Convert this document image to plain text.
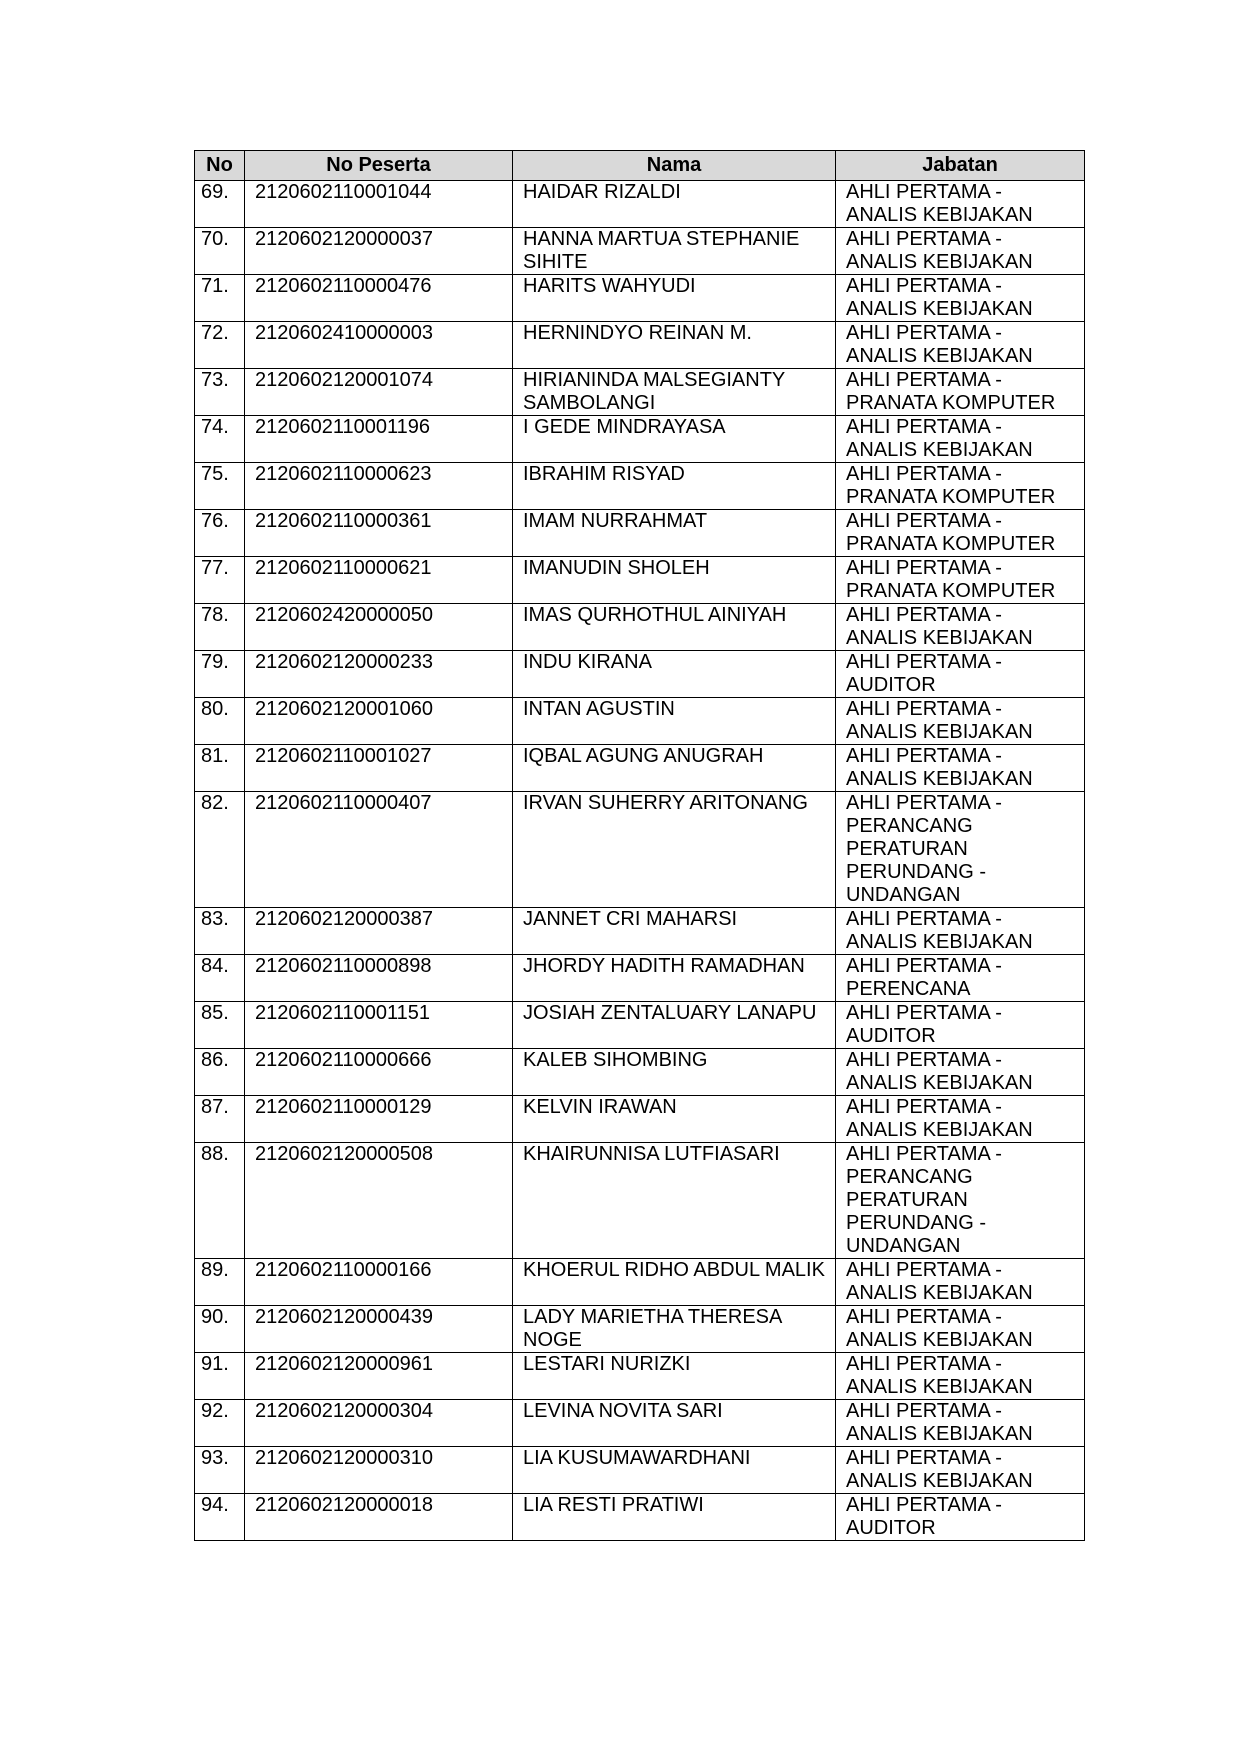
No	No Peserta	Nama	Jabatan
69.	2120602110001044	HAIDAR RIZALDI	AHLI PERTAMA - ANALIS KEBIJAKAN
70.	2120602120000037	HANNA MARTUA STEPHANIE SIHITE	AHLI PERTAMA - ANALIS KEBIJAKAN
71.	2120602110000476	HARITS WAHYUDI	AHLI PERTAMA - ANALIS KEBIJAKAN
72.	2120602410000003	HERNINDYO REINAN M.	AHLI PERTAMA - ANALIS KEBIJAKAN
73.	2120602120001074	HIRIANINDA MALSEGIANTY SAMBOLANGI	AHLI PERTAMA - PRANATA KOMPUTER
74.	2120602110001196	I GEDE MINDRAYASA	AHLI PERTAMA - ANALIS KEBIJAKAN
75.	2120602110000623	IBRAHIM RISYAD	AHLI PERTAMA - PRANATA KOMPUTER
76.	2120602110000361	IMAM NURRAHMAT	AHLI PERTAMA - PRANATA KOMPUTER
77.	2120602110000621	IMANUDIN SHOLEH	AHLI PERTAMA - PRANATA KOMPUTER
78.	2120602420000050	IMAS QURHOTHUL AINIYAH	AHLI PERTAMA - ANALIS KEBIJAKAN
79.	2120602120000233	INDU KIRANA	AHLI PERTAMA - AUDITOR
80.	2120602120001060	INTAN AGUSTIN	AHLI PERTAMA - ANALIS KEBIJAKAN
81.	2120602110001027	IQBAL AGUNG ANUGRAH	AHLI PERTAMA - ANALIS KEBIJAKAN
82.	2120602110000407	IRVAN SUHERRY ARITONANG	AHLI PERTAMA - PERANCANG PERATURAN PERUNDANG - UNDANGAN
83.	2120602120000387	JANNET CRI MAHARSI	AHLI PERTAMA - ANALIS KEBIJAKAN
84.	2120602110000898	JHORDY HADITH RAMADHAN	AHLI PERTAMA - PERENCANA
85.	2120602110001151	JOSIAH ZENTALUARY LANAPU	AHLI PERTAMA - AUDITOR
86.	2120602110000666	KALEB SIHOMBING	AHLI PERTAMA - ANALIS KEBIJAKAN
87.	2120602110000129	KELVIN IRAWAN	AHLI PERTAMA - ANALIS KEBIJAKAN
88.	2120602120000508	KHAIRUNNISA LUTFIASARI	AHLI PERTAMA - PERANCANG PERATURAN PERUNDANG - UNDANGAN
89.	2120602110000166	KHOERUL RIDHO ABDUL MALIK	AHLI PERTAMA - ANALIS KEBIJAKAN
90.	2120602120000439	LADY MARIETHA THERESA NOGE	AHLI PERTAMA - ANALIS KEBIJAKAN
91.	2120602120000961	LESTARI NURIZKI	AHLI PERTAMA - ANALIS KEBIJAKAN
92.	2120602120000304	LEVINA NOVITA SARI	AHLI PERTAMA - ANALIS KEBIJAKAN
93.	2120602120000310	LIA KUSUMAWARDHANI	AHLI PERTAMA - ANALIS KEBIJAKAN
94.	2120602120000018	LIA RESTI PRATIWI	AHLI PERTAMA - AUDITOR
